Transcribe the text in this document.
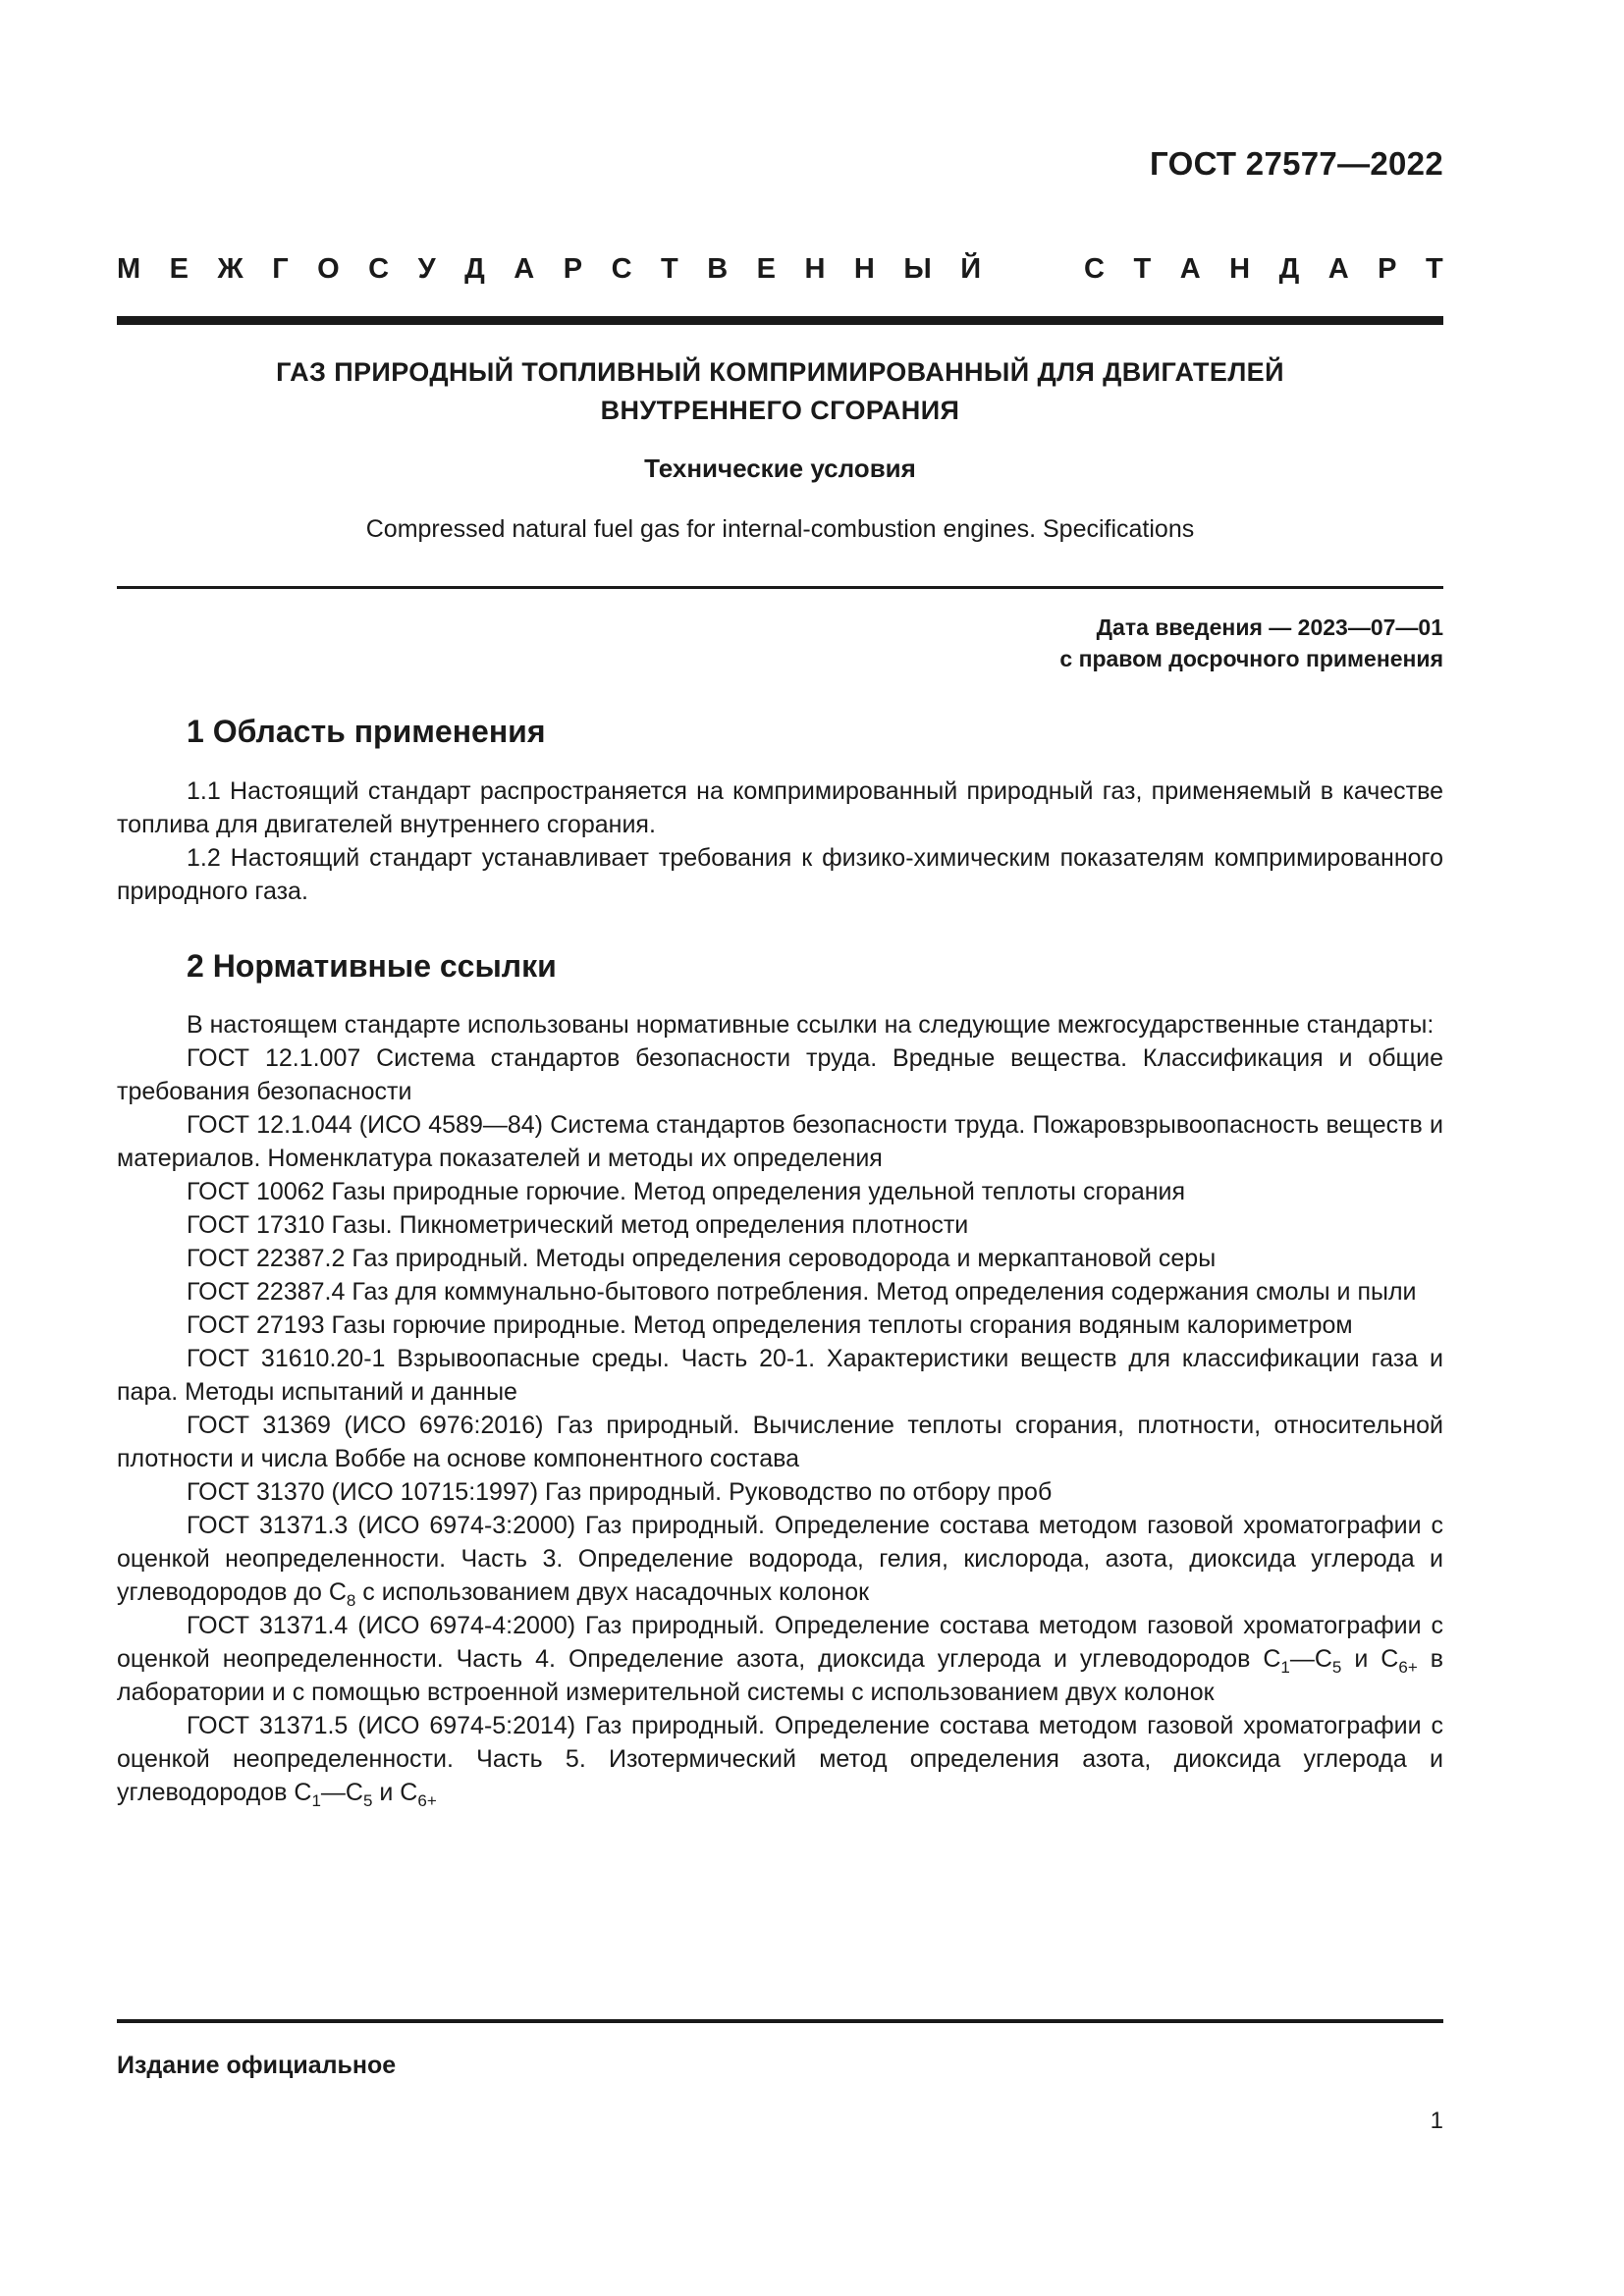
ГОСТ 27577—2022
М Е Ж Г О С У Д А Р С Т В Е Н Н Ы Й	С Т А Н Д А Р Т
ГАЗ ПРИРОДНЫЙ ТОПЛИВНЫЙ КОМПРИМИРОВАННЫЙ ДЛЯ ДВИГАТЕЛЕЙ
ВНУТРЕННЕГО СГОРАНИЯ
Технические условия
Compressed natural fuel gas for internal-combustion engines. Specifications
Дата введения — 2023—07—01
с правом досрочного применения
1 Область применения

1.1 Настоящий стандарт распространяется на компримированный природный газ, применяемый в качестве топлива для двигателей внутреннего сгорания.

1.2 Настоящий стандарт устанавливает требования к физико-химическим показателям компримированного природного газа.

2 Нормативные ссылки

В настоящем стандарте использованы нормативные ссылки на следующие межгосударственные стандарты:

ГОСТ 12.1.007 Система стандартов безопасности труда. Вредные вещества. Классификация и общие требования безопасности

ГОСТ 12.1.044 (ИСО 4589—84) Система стандартов безопасности труда. Пожаровзрывоопасность веществ и материалов. Номенклатура показателей и методы их определения

ГОСТ 10062 Газы природные горючие. Метод определения удельной теплоты сгорания

ГОСТ 17310 Газы. Пикнометрический метод определения плотности

ГОСТ 22387.2 Газ природный. Методы определения сероводорода и меркаптановой серы

ГОСТ 22387.4 Газ для коммунально-бытового потребления. Метод определения содержания смолы и пыли

ГОСТ 27193 Газы горючие природные. Метод определения теплоты сгорания водяным калориметром

ГОСТ 31610.20-1 Взрывоопасные среды. Часть 20-1. Характеристики веществ для классификации газа и пара. Методы испытаний и данные

ГОСТ 31369 (ИСО 6976:2016) Газ природный. Вычисление теплоты сгорания, плотности, относительной плотности и числа Воббе на основе компонентного состава

ГОСТ 31370 (ИСО 10715:1997) Газ природный. Руководство по отбору проб

ГОСТ 31371.3 (ИСО 6974-3:2000) Газ природный. Определение состава методом газовой хроматографии с оценкой неопределенности. Часть 3. Определение водорода, гелия, кислорода, азота, диоксида углерода и углеводородов до $С_8$ с использованием двух насадочных колонок

ГОСТ 31371.4 (ИСО 6974-4:2000) Газ природный. Определение состава методом газовой хроматографии с оценкой неопределенности. Часть 4. Определение азота, диоксида углерода и углеводородов $С_1—С_5$ и $С_{6+}$ в лаборатории и с помощью встроенной измерительной системы с использованием двух колонок

ГОСТ 31371.5 (ИСО 6974-5:2014) Газ природный. Определение состава методом газовой хроматографии с оценкой неопределенности. Часть 5. Изотермический метод определения азота, диоксида углерода и углеводородов $С_1—С_5$ и $С_{6+}$

Издание официальное
1
